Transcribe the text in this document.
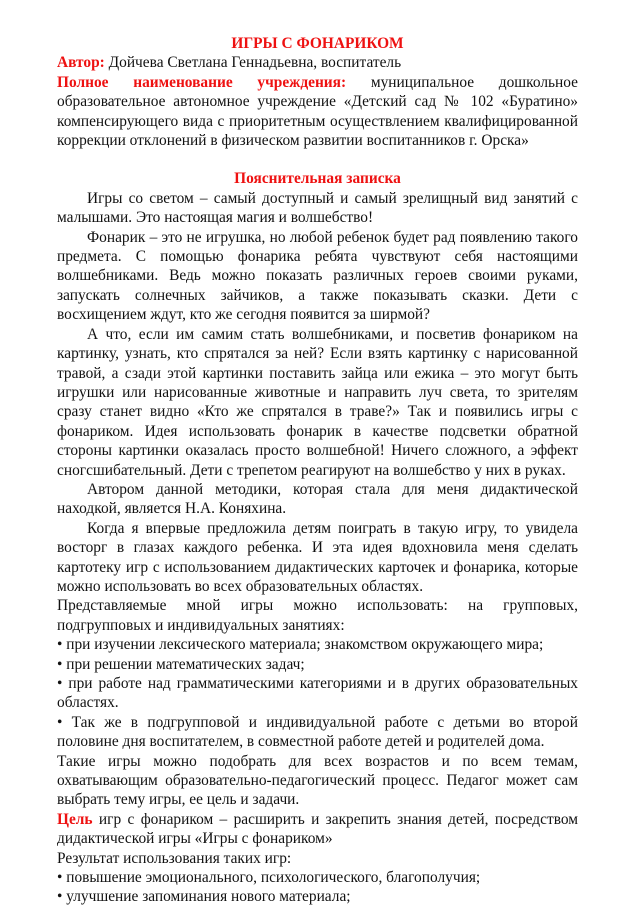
ИГРЫ С ФОНАРИКОМ

Автор: Дойчева Светлана Геннадьевна, воспитатель

Полное наименование учреждения: муниципальное дошкольное образовательное автономное учреждение «Детский сад № 102 «Буратино» компенсирующего вида с приоритетным осуществлением квалифицированной коррекции отклонений в физическом развитии воспитанников г. Орска»

Пояснительная записка

Игры со светом – самый доступный и самый зрелищный вид занятий с малышами. Это настоящая магия и волшебство!

Фонарик – это не игрушка, но любой ребенок будет рад появлению такого предмета. С помощью фонарика ребята чувствуют себя настоящими волшебниками. Ведь можно показать различных героев своими руками, запускать солнечных зайчиков, а также показывать сказки. Дети с восхищением ждут, кто же сегодня появится за ширмой?

А что, если им самим стать волшебниками, и посветив фонариком на картинку, узнать, кто спрятался за ней? Если взять картинку с нарисованной травой, а сзади этой картинки поставить зайца или ежика – это могут быть игрушки или нарисованные животные и направить луч света, то зрителям сразу станет видно «Кто же спрятался в траве?» Так и появились игры с фонариком. Идея использовать фонарик в качестве подсветки обратной стороны картинки оказалась просто волшебной! Ничего сложного, а эффект сногсшибательный. Дети с трепетом реагируют на волшебство у них в руках.

Автором данной методики, которая стала для меня дидактической находкой, является Н.А. Коняхина.

Когда я впервые предложила детям поиграть в такую игру, то увидела восторг в глазах каждого ребенка. И эта идея вдохновила меня сделать картотеку игр с использованием дидактических карточек и фонарика, которые можно использовать во всех образовательных областях.

Представляемые мной игры можно использовать: на групповых, подгрупповых и индивидуальных занятиях:

• при изучении лексического материала; знакомством окружающего мира;

• при решении математических задач;

• при работе над грамматическими категориями и в других образовательных областях.

• Так же в подгрупповой и индивидуальной работе с детьми во второй половине дня воспитателем, в совместной работе детей и родителей дома.

Такие игры можно подобрать для всех возрастов и по всем темам, охватывающим образовательно-педагогический процесс. Педагог может сам выбрать тему игры, ее цель и задачи.

Цель игр с фонариком – расширить и закрепить знания детей, посредством дидактической игры «Игры с фонариком»

Результат использования таких игр:

• повышение эмоционального, психологического, благополучия;

• улучшение запоминания нового материала;
